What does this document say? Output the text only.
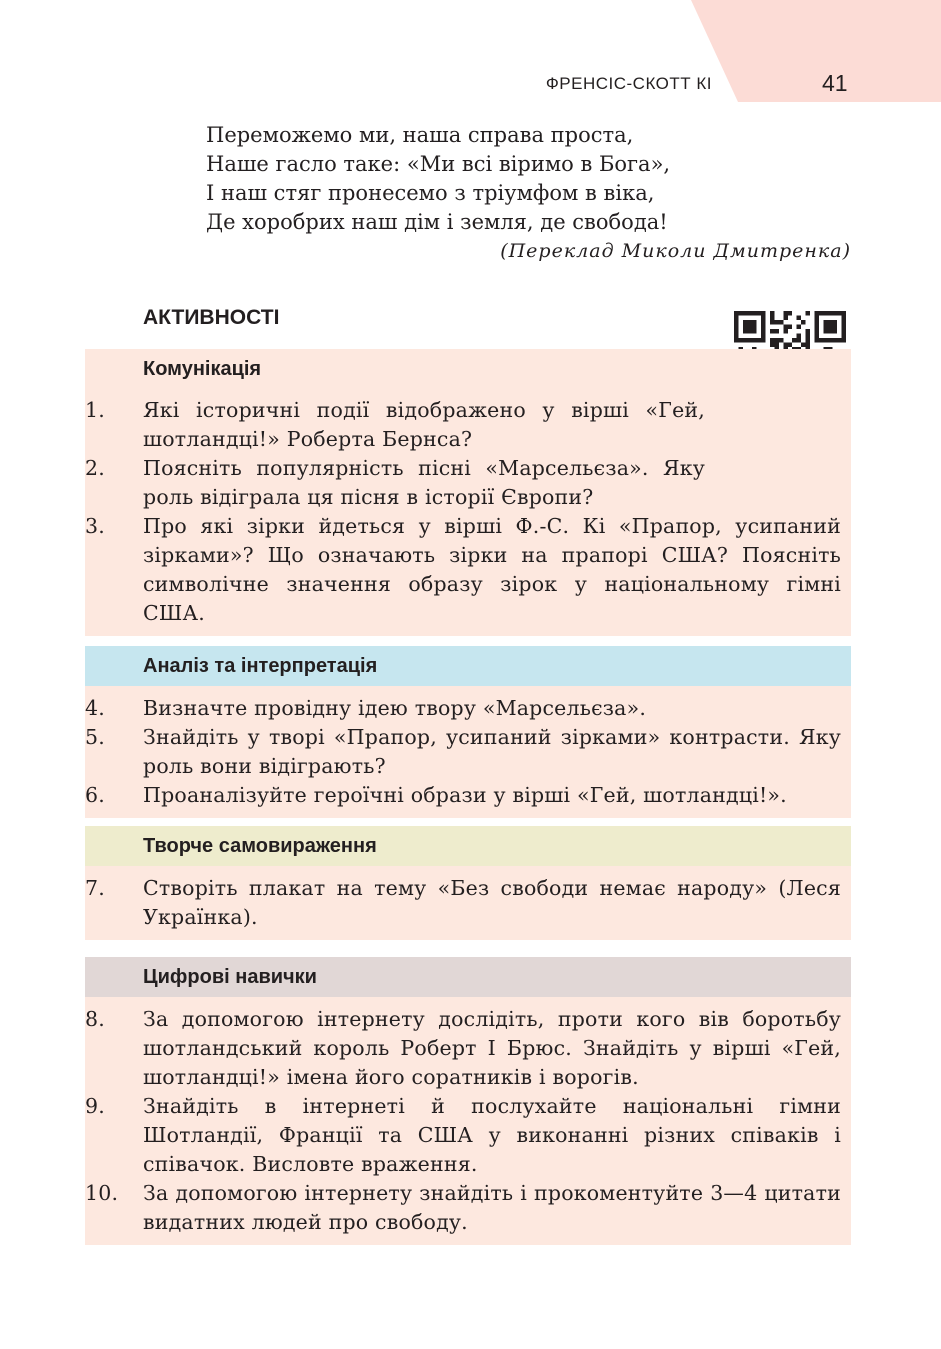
ФРЕНСІС-СКОТТ КІ	41
Переможемо ми, наша справа проста,
Наше гасло таке: «Ми всі віримо в Бога»,
І наш стяг пронесемо з тріумфом в віка,
Де хоробрих наш дім і земля, де свобода!
(Переклад Миколи Дмитренка)
АКТИВНОСТІ
Комунікація
1.	Які історичні події відображено у вірші «Гей, шотландці!» Роберта Бернса?
2.	Поясніть популярність пісні «Марсельєза». Яку роль відіграла ця пісня в історії Європи?
3.	Про які зірки йдеться у вірші Ф.-С. Кі «Прапор, усипаний зірками»? Що означають зірки на прапорі США? Поясніть символічне значення образу зірок у національному гімні США.
Аналіз та інтерпретація
4.	Визначте провідну ідею твору «Марсельєза».
5.	Знайдіть у творі «Прапор, усипаний зірками» контрасти. Яку роль вони відіграють?
6.	Проаналізуйте героїчні образи у вірші «Гей, шотландці!».
Творче самовираження
7.	Створіть плакат на тему «Без свободи немає народу» (Леся Українка).
Цифрові навички
8.	За допомогою інтернету дослідіть, проти кого вів боротьбу шотландський король Роберт І Брюс. Знайдіть у вірші «Гей, шотландці!» імена його соратників і ворогів.
9.	Знайдіть в інтернеті й послухайте національні гімни Шотландії, Франції та США у виконанні різних співаків і співачок. Висловте враження.
10. За допомогою інтернету знайдіть і прокоментуйте 3—4 цитати видатних людей про свободу.
